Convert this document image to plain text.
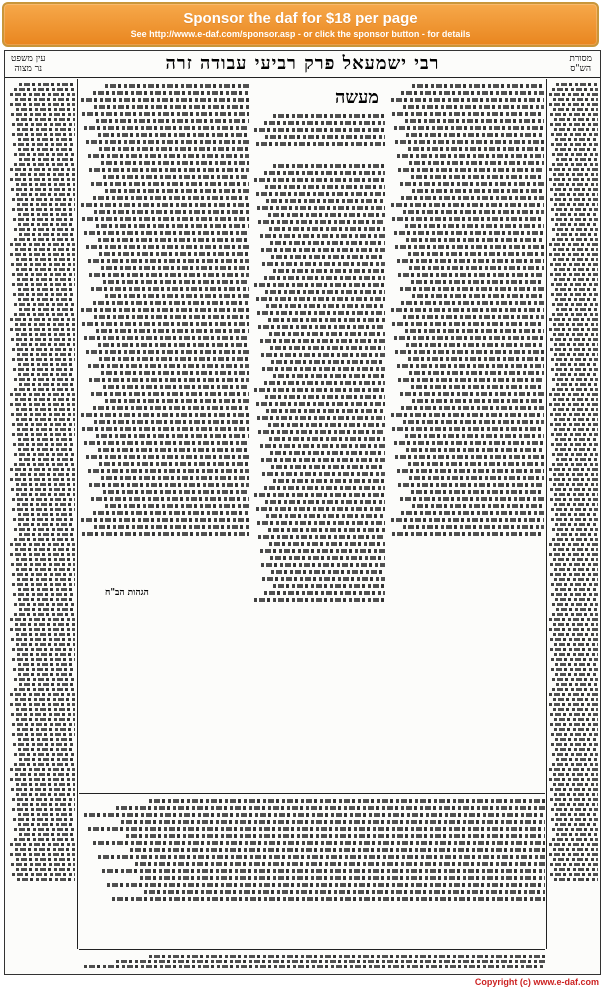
Sponsor the daf for $18 per page
See http://www.e-daf.com/sponsor.asp - or click the sponsor button - for details
עין משפט
נר מצוה	רבי ישמעאל פרק רביעי עבודה זרה	מסורת
הש"ס
הגהות הב"ח
מעשה
Copyright (c) www.e-daf.com
